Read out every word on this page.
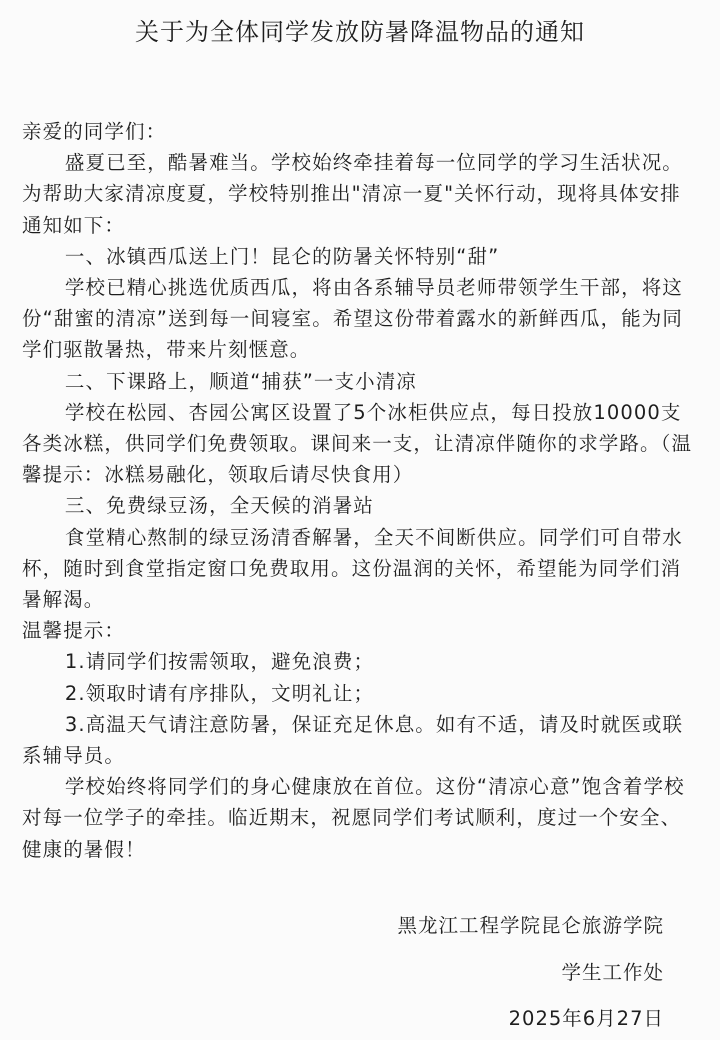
关于为全体同学发放防暑降温物品的通知

亲爱的同学们：

盛夏已至，酷暑难当。学校始终牵挂着每一位同学的学习生活状况。为帮助大家清凉度夏，学校特别推出"清凉一夏"关怀行动，现将具体安排通知如下：

一、冰镇西瓜送上门！昆仑的防暑关怀特别“甜”

学校已精心挑选优质西瓜，将由各系辅导员老师带领学生干部，将这份“甜蜜的清凉”送到每一间寝室。希望这份带着露水的新鲜西瓜，能为同学们驱散暑热，带来片刻惬意。

二、下课路上，顺道“捕获”一支小清凉

学校在松园、杏园公寓区设置了5个冰柜供应点，每日投放10000支各类冰糕，供同学们免费领取。课间来一支，让清凉伴随你的求学路。（温馨提示：冰糕易融化，领取后请尽快食用）

三、免费绿豆汤，全天候的消暑站

食堂精心熬制的绿豆汤清香解暑，全天不间断供应。同学们可自带水杯，随时到食堂指定窗口免费取用。这份温润的关怀，希望能为同学们消暑解渴。

温馨提示：

1.请同学们按需领取，避免浪费；

2.领取时请有序排队，文明礼让；

3.高温天气请注意防暑，保证充足休息。如有不适，请及时就医或联系辅导员。

学校始终将同学们的身心健康放在首位。这份“清凉心意”饱含着学校对每一位学子的牵挂。临近期末，祝愿同学们考试顺利，度过一个安全、健康的暑假！

黑龙江工程学院昆仑旅游学院
学生工作处
2025年6月27日
